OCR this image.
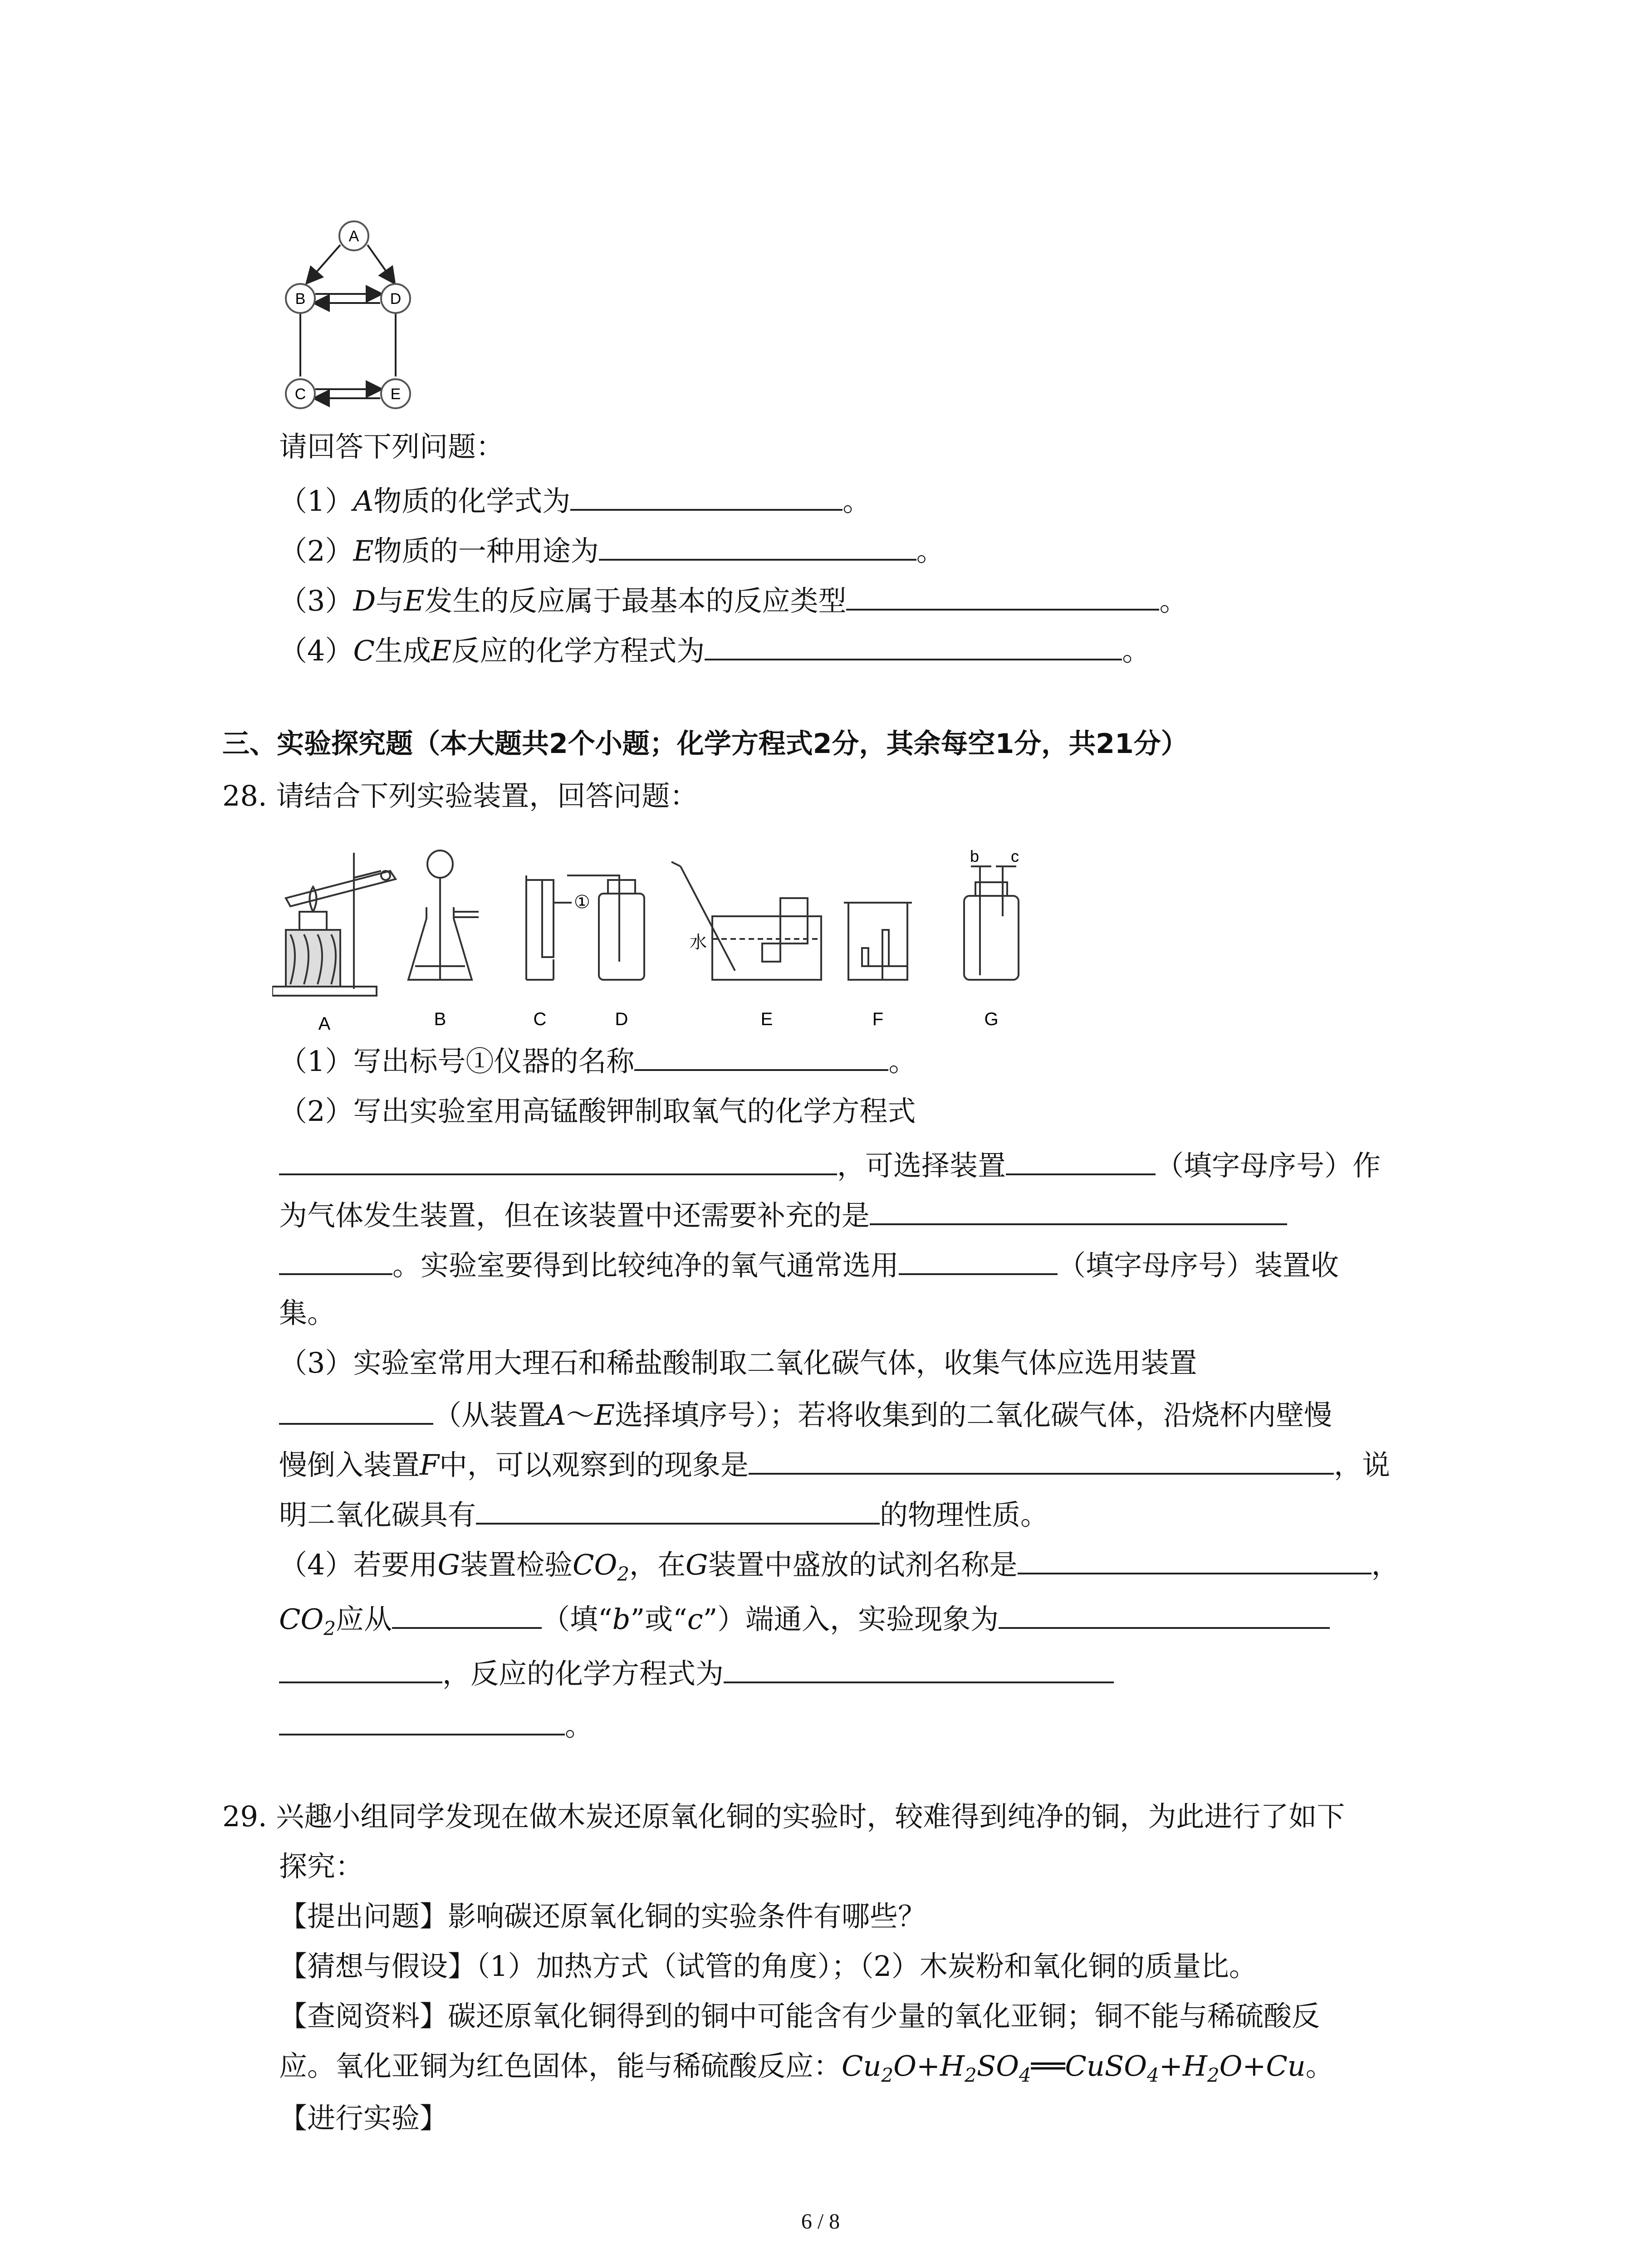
A
B	D
C	E
请回答下列问题：
（1）A物质的化学式为	。
（2）E物质的一种用途为	。
（3）D与E发生的反应属于最基本的反应类型	。
（4）C生成E反应的化学方程式为	。
三、实验探究题（本大题共2个小题；化学方程式2分，其余每空1分，共21分）
28. 请结合下列实验装置，回答问题：
①
水
b c
A	B	C	D	E	F	G
（1）写出标号①仪器的名称	。
（2）写出实验室用高锰酸钾制取氧气的化学方程式
，可选择装置	（填字母序号）作
为气体发生装置，但在该装置中还需要补充的是
。实验室要得到比较纯净的氧气通常选用	（填字母序号）装置收
集。
（3）实验室常用大理石和稀盐酸制取二氧化碳气体，收集气体应选用装置
（从装置A～E选择填序号）；若将收集到的二氧化碳气体，沿烧杯内壁慢
慢倒入装置F中，可以观察到的现象是	，说
明二氧化碳具有	的物理性质。
（4）若要用G装置检验$CO_2$，在G装置中盛放的试剂名称是	，
$CO_2$应从	（填“b”或“c”）端通入，实验现象为
，反应的化学方程式为
。
29. 兴趣小组同学发现在做木炭还原氧化铜的实验时，较难得到纯净的铜，为此进行了如下
探究：
【提出问题】影响碳还原氧化铜的实验条件有哪些？
【猜想与假设】（1）加热方式（试管的角度）；（2）木炭粉和氧化铜的质量比。
【查阅资料】碳还原氧化铜得到的铜中可能含有少量的氧化亚铜；铜不能与稀硫酸反
应。氧化亚铜为红色固体，能与稀硫酸反应：$Cu_2O+H_2SO_4══CuSO_4+H_2O+Cu$。
【进行实验】
6 / 8
